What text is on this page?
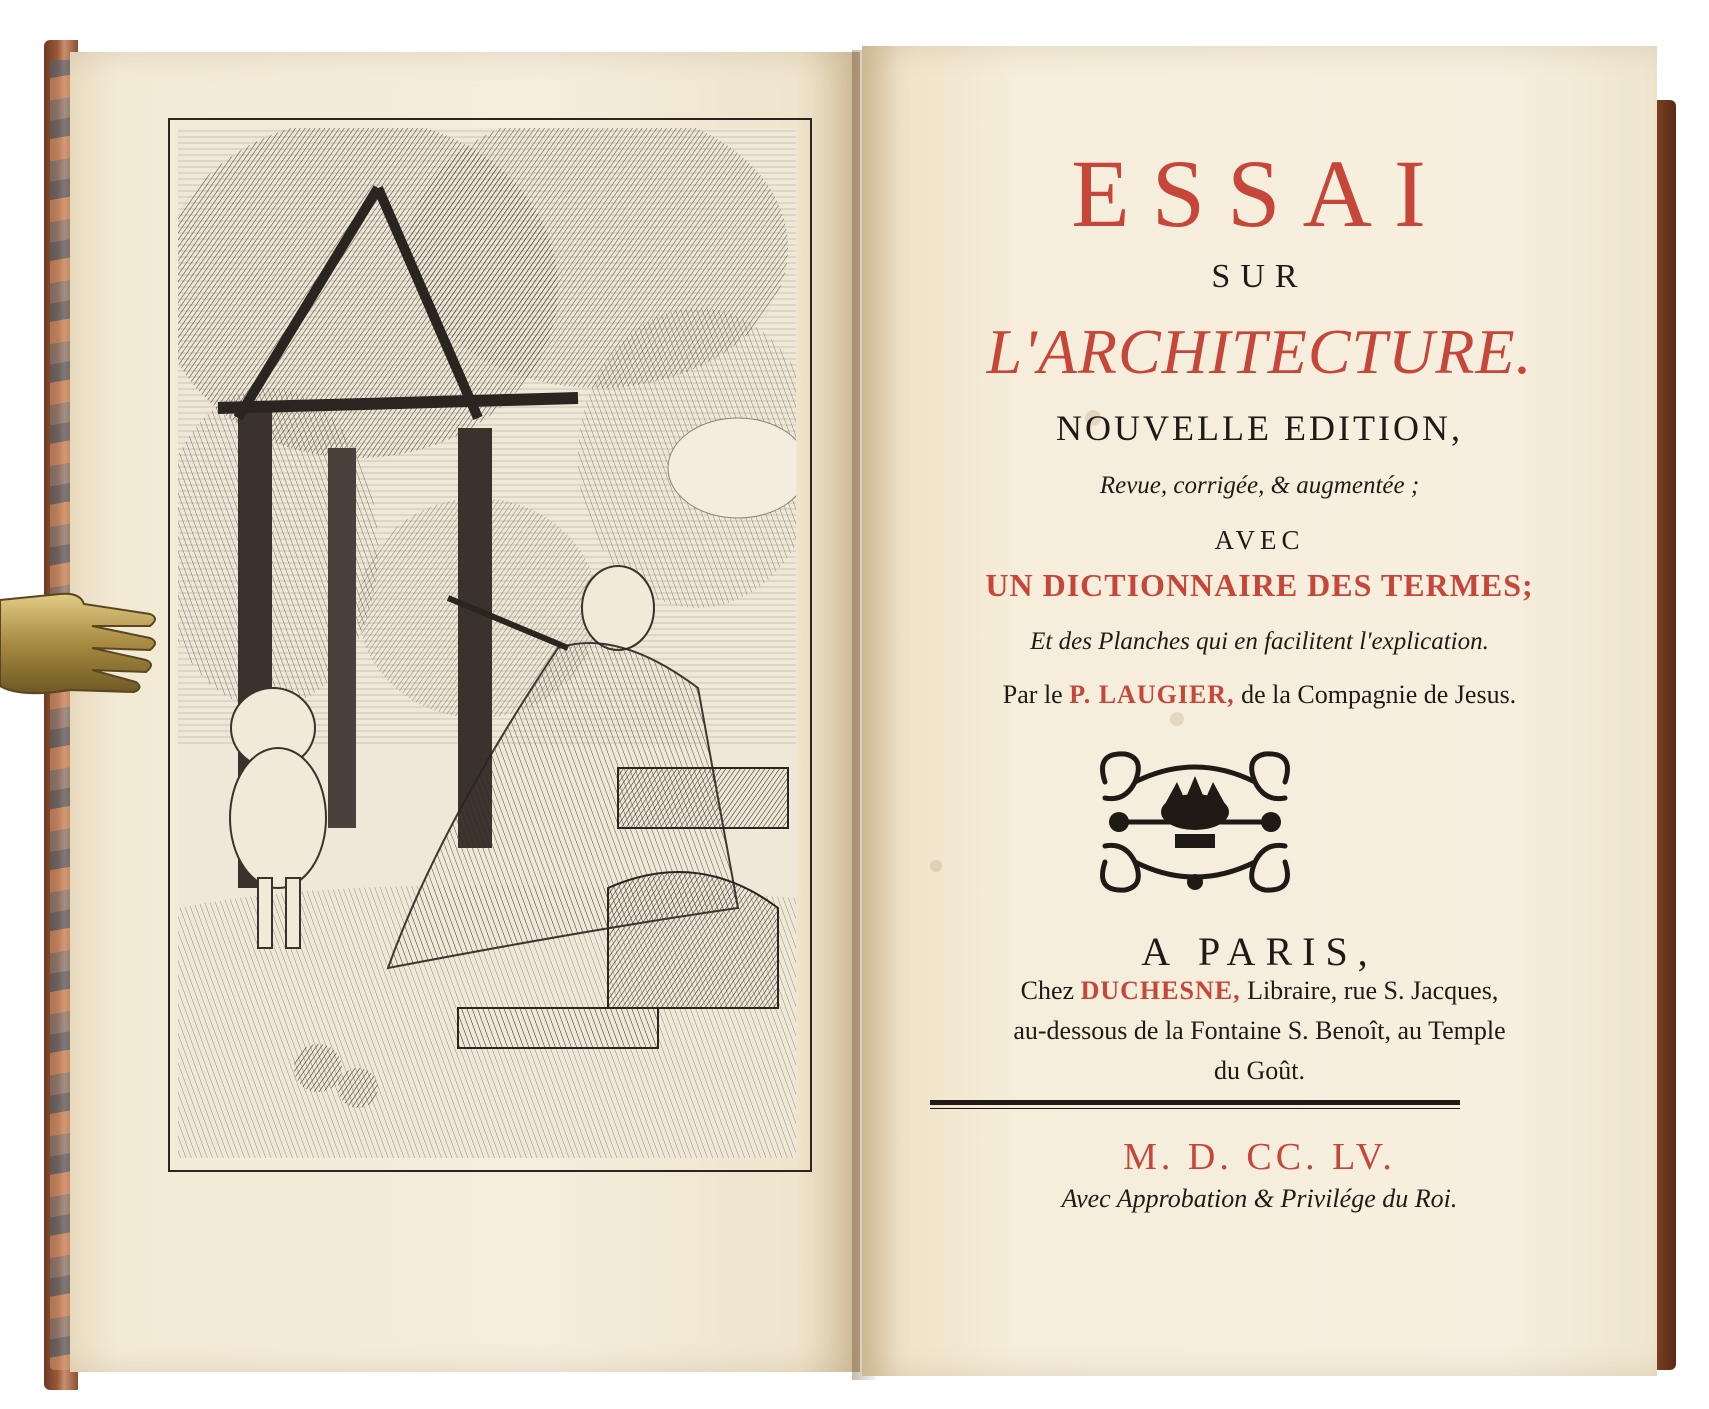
ESSAI
SUR
L'ARCHITECTURE.
NOUVELLE EDITION,
Revue, corrigée, & augmentée ;
AVEC
UN DICTIONNAIRE DES TERMES;
Et des Planches qui en facilitent l'explication.
Par le P. LAUGIER, de la Compagnie de Jesus.
A PARIS,
Chez DUCHESNE, Libraire, rue S. Jacques,
au-dessous de la Fontaine S. Benoît, au Temple
du Goût.
M. D. CC. LV.
Avec Approbation & Privilége du Roi.
